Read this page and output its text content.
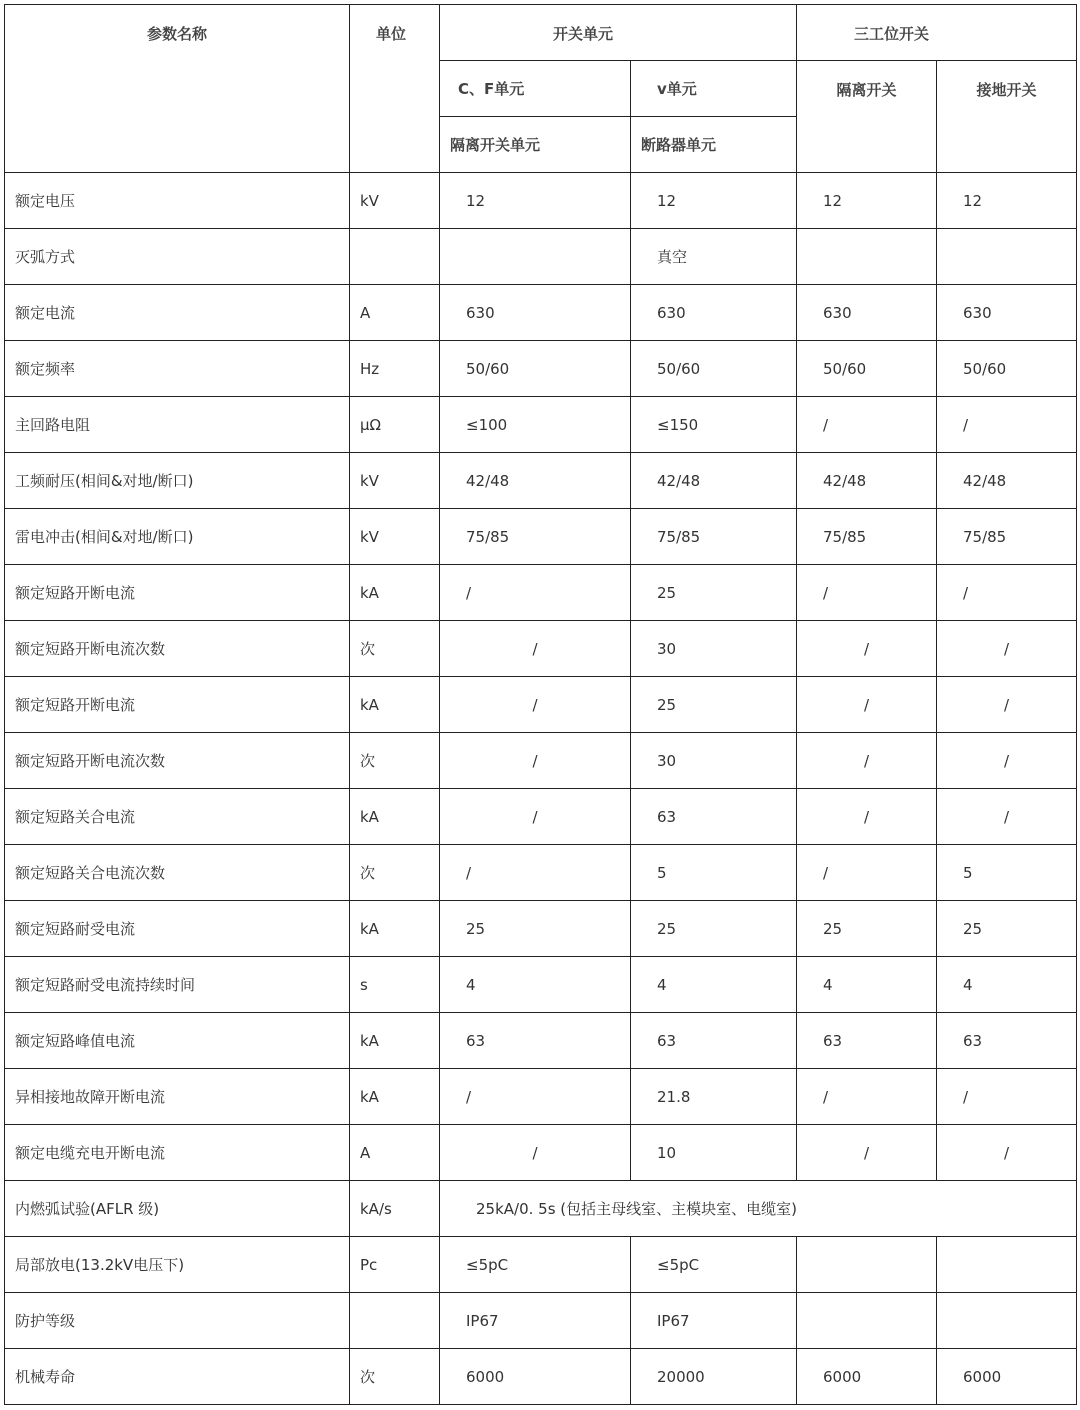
参数名称	单位	开关单元		三工位开关	
		C、F单元	v单元	隔离开关	接地开关
		隔离开关单元	断路器单元		
额定电压	kV	12	12	12	12
灭弧方式			真空		
额定电流	A	630	630	630	630
额定频率	Hz	50/60	50/60	50/60	50/60
主回路电阻	μΩ	≤100	≤150	/	/
工频耐压(相间&对地/断口)	kV	42/48	42/48	42/48	42/48
雷电冲击(相间&对地/断口)	kV	75/85	75/85	75/85	75/85
额定短路开断电流	kA	/	25	/	/
额定短路开断电流次数	次	/	30	/	/
额定短路开断电流	kA	/	25	/	/
额定短路开断电流次数	次	/	30	/	/
额定短路关合电流	kA	/	63	/	/
额定短路关合电流次数	次	/	5	/	5
额定短路耐受电流	kA	25	25	25	25
额定短路耐受电流持续时间	s	4	4	4	4
额定短路峰值电流	kA	63	63	63	63
异相接地故障开断电流	kA	/	21.8	/	/
额定电缆充电开断电流	A	/	10	/	/
内燃弧试验(AFLR 级)	kA/s	25kA/0. 5s (包括主母线室、主模块室、电缆室)			
局部放电(13.2kV电压下)	Pc	≤5pC	≤5pC		
防护等级		IP67	IP67		
机械寿命	次	6000	20000	6000	6000
